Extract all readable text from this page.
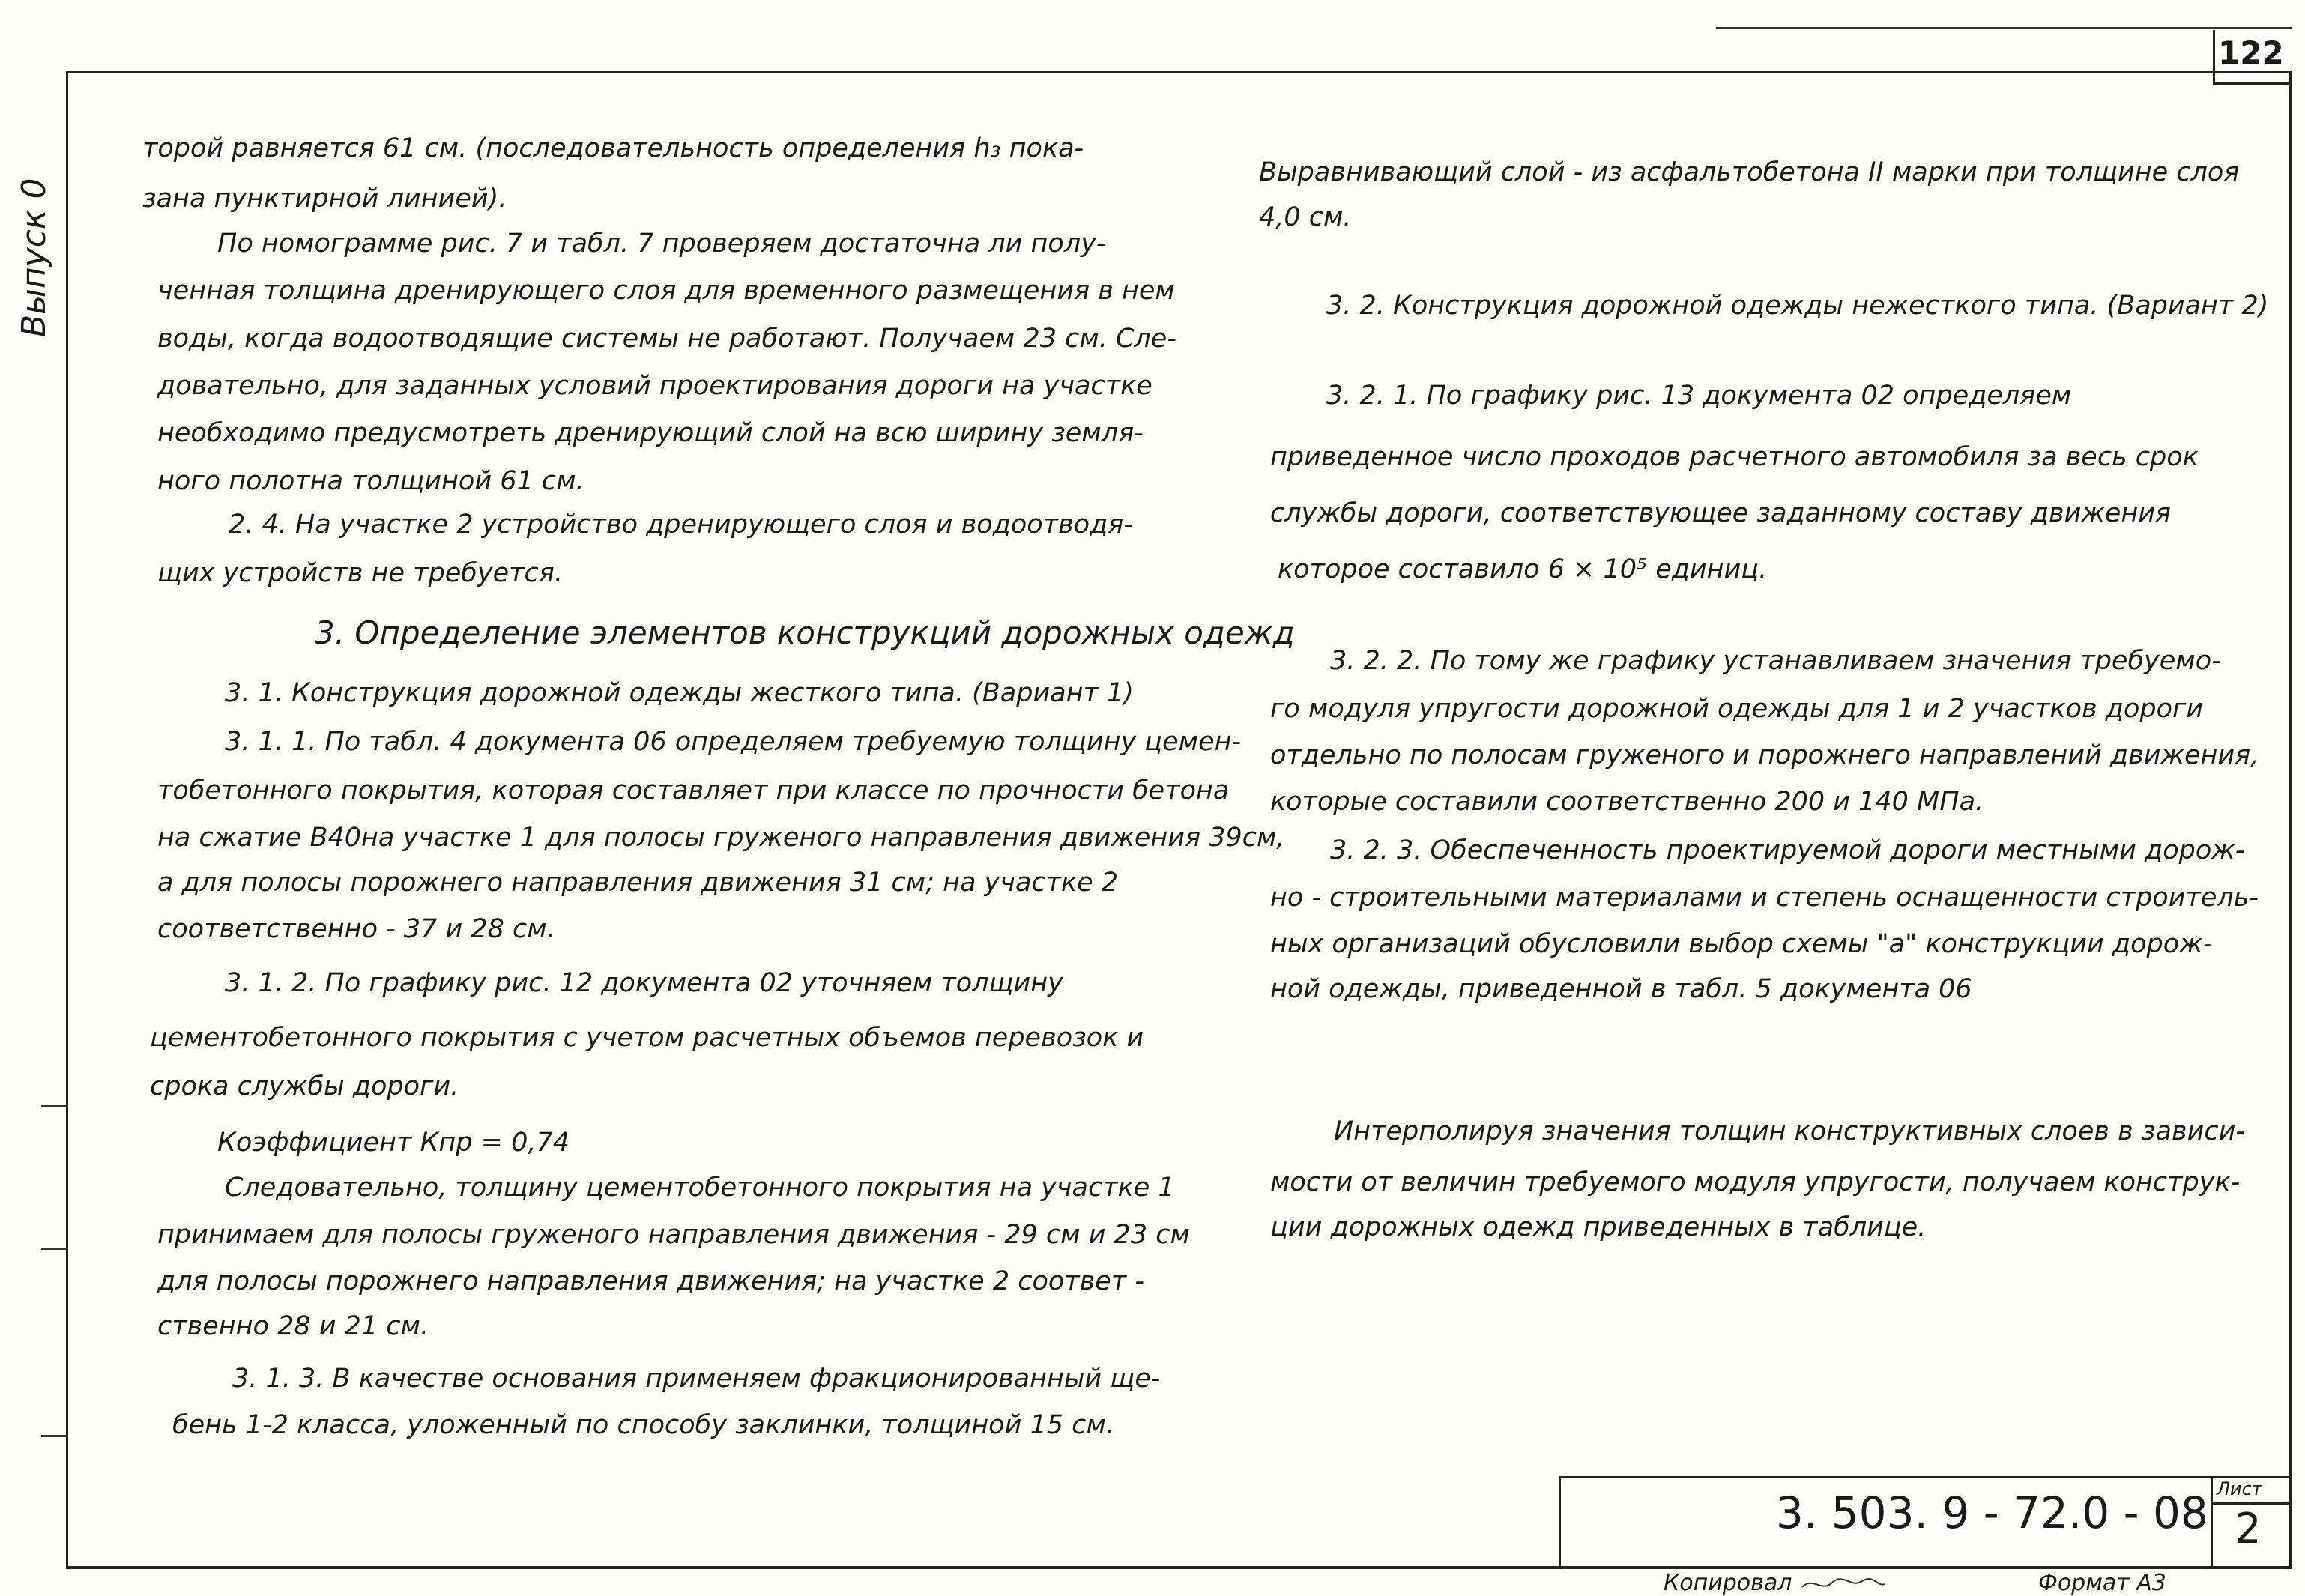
122
Выпуск 0
торой равняется 61 см. (последовательность определения h₃ пока-
зана пунктирной линией).
По номограмме рис. 7 и табл. 7 проверяем достаточна ли полу-
ченная толщина дренирующего слоя для временного размещения в нем
воды, когда водоотводящие системы не работают. Получаем 23 см. Сле-
довательно, для заданных условий проектирования дороги на участке
необходимо предусмотреть дренирующий слой на всю ширину земля-
ного полотна толщиной 61 см.
2. 4. На участке 2 устройство дренирующего слоя и водоотводя-
щих устройств не требуется.
3. Определение элементов конструкций дорожных одежд
3. 1. Конструкция дорожной одежды жесткого типа. (Вариант 1)
3. 1. 1. По табл. 4 документа 06 определяем требуемую толщину цемен-
тобетонного покрытия, которая составляет при классе по прочности бетона
на сжатие В40на участке 1 для полосы груженого направления движения 39см,
а для полосы порожнего направления движения 31 см; на участке 2
соответственно - 37 и 28 см.
3. 1. 2. По графику рис. 12 документа 02 уточняем толщину
цементобетонного покрытия с учетом расчетных объемов перевозок и
срока службы дороги.
Коэффициент Кпр = 0,74
Следовательно, толщину цементобетонного покрытия на участке 1
принимаем для полосы груженого направления движения - 29 см и 23 см
для полосы порожнего направления движения; на участке 2 соответ -
ственно 28 и 21 см.
3. 1. 3. В качестве основания применяем фракционированный ще-
бень 1-2 класса, уложенный по способу заклинки, толщиной 15 см.
Выравнивающий слой - из асфальтобетона II марки при толщине слоя
4,0 см.
3. 2. Конструкция дорожной одежды нежесткого типа. (Вариант 2)
3. 2. 1. По графику рис. 13 документа 02 определяем
приведенное число проходов расчетного автомобиля за весь срок
службы дороги, соответствующее заданному составу движения
которое составило 6 × 10⁵ единиц.
3. 2. 2. По тому же графику устанавливаем значения требуемо-
го модуля упругости дорожной одежды для 1 и 2 участков дороги
отдельно по полосам груженого и порожнего направлений движения,
которые составили соответственно 200 и 140 МПа.
3. 2. 3. Обеспеченность проектируемой дороги местными дорож-
но - строительными материалами и степень оснащенности строитель-
ных организаций обусловили выбор схемы "а" конструкции дорож-
ной одежды, приведенной в табл. 5 документа 06
Интерполируя значения толщин конструктивных слоев в зависи-
мости от величин требуемого модуля упругости, получаем конструк-
ции дорожных одежд приведенных в таблице.
3. 503. 9 - 72.0 - 08 Лист
2
Копировал	Формат А3
